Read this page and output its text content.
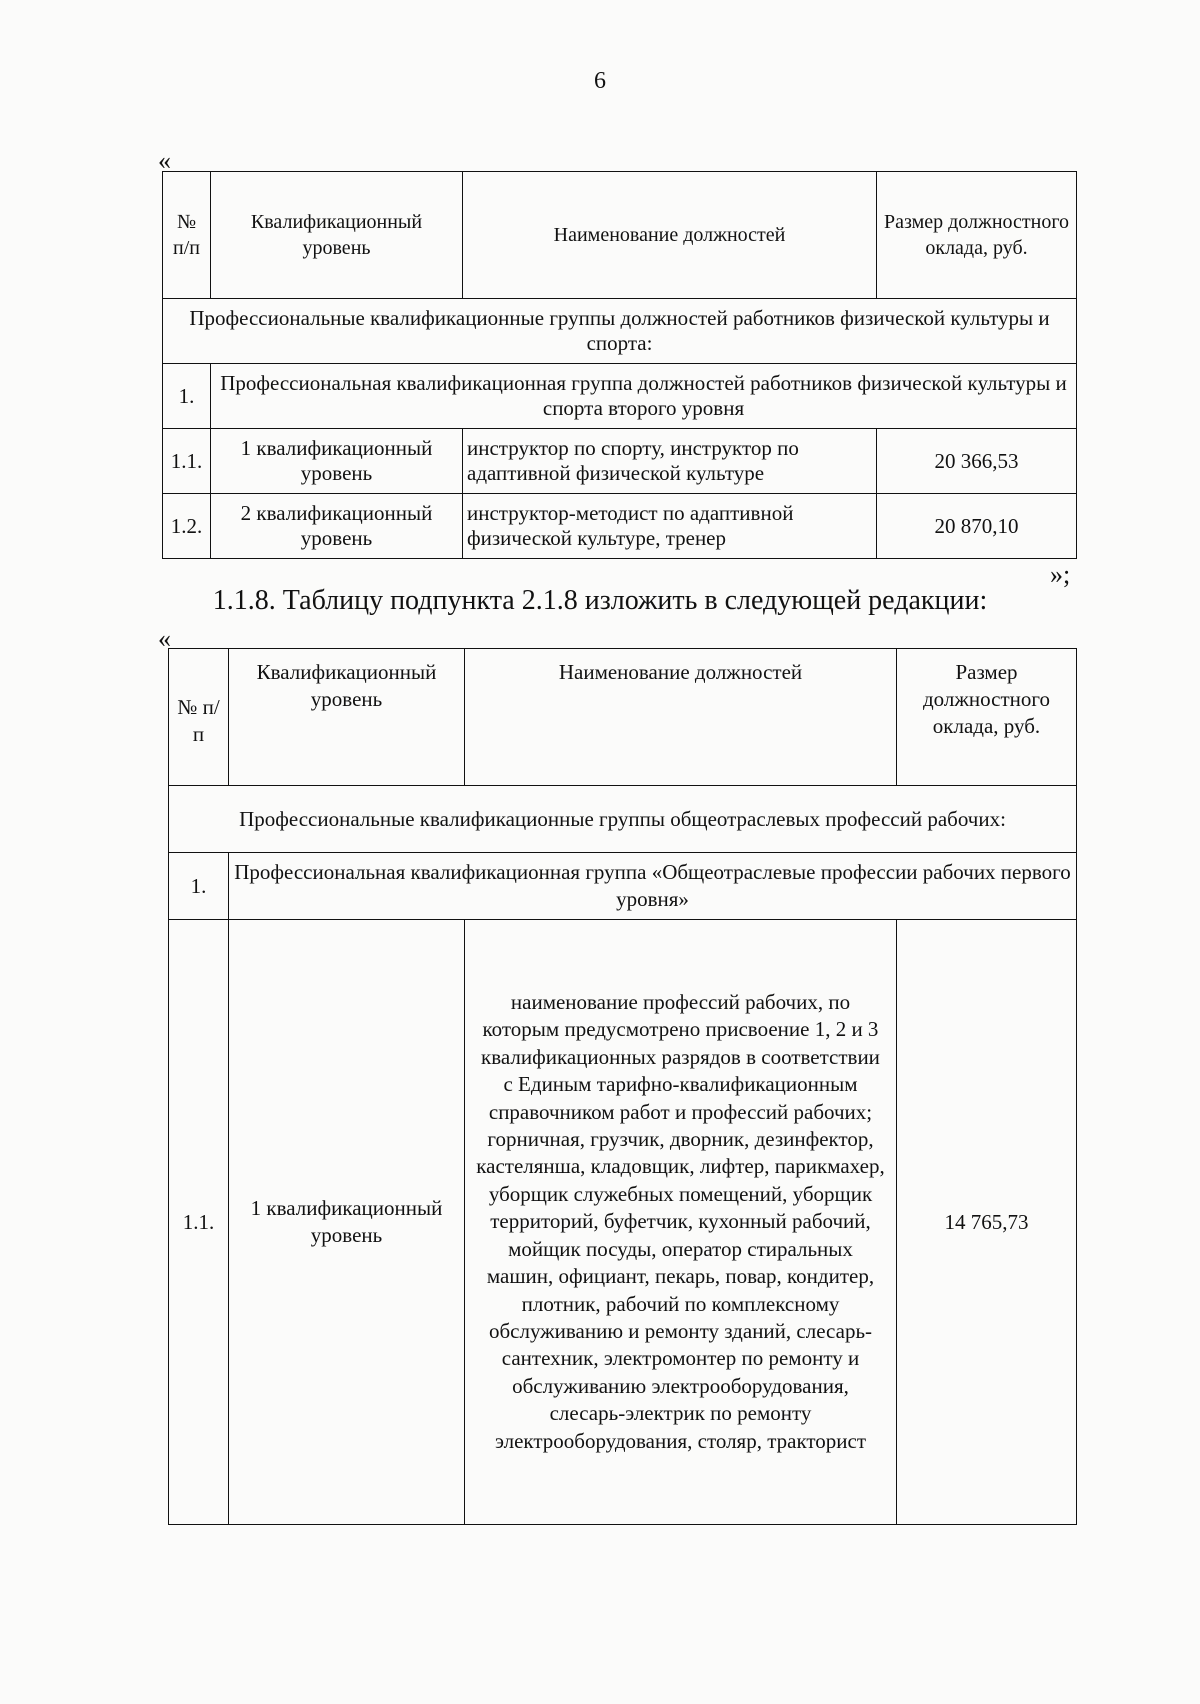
6
«
№ п/п	Квалификационный уровень	Наименование должностей	Размер должностного оклада, руб.
Профессиональные квалификационные группы должностей работников физической культуры и спорта:			
1.	Профессиональная квалификационная группа должностей работников физической культуры и спорта второго уровня		
1.1.	1 квалификационный уровень	инструктор по спорту, инструктор по адаптивной физической культуре	20 366,53
1.2.	2 квалификационный уровень	инструктор-методист по адаптивной физической культуре, тренер	20 870,10
»;
1.1.8. Таблицу подпункта 2.1.8 изложить в следующей редакции:
«
№ п/п	Квалификационный уровень	Наименование должностей	Размер должностного оклада, руб.
Профессиональные квалификационные группы общеотраслевых профессий рабочих:			
1.	Профессиональная квалификационная группа «Общеотраслевые профессии рабочих первого уровня»		
1.1.	1 квалификационный уровень	наименование профессий рабочих, по которым предусмотрено присвоение 1, 2 и 3 квалификационных разрядов в соответствии с Единым тарифно-квалификационным справочником работ и профессий рабочих; горничная, грузчик, дворник, дезинфектор, кастелянша, кладовщик, лифтер, парикмахер, уборщик служебных помещений, уборщик территорий, буфетчик, кухонный рабочий, мойщик посуды, оператор стиральных машин, официант, пекарь, повар, кондитер, плотник, рабочий по комплексному обслуживанию и ремонту зданий, слесарь-сантехник, электромонтер по ремонту и обслуживанию электрооборудования, слесарь-электрик по ремонту электрооборудования, столяр, тракторист	14 765,73
